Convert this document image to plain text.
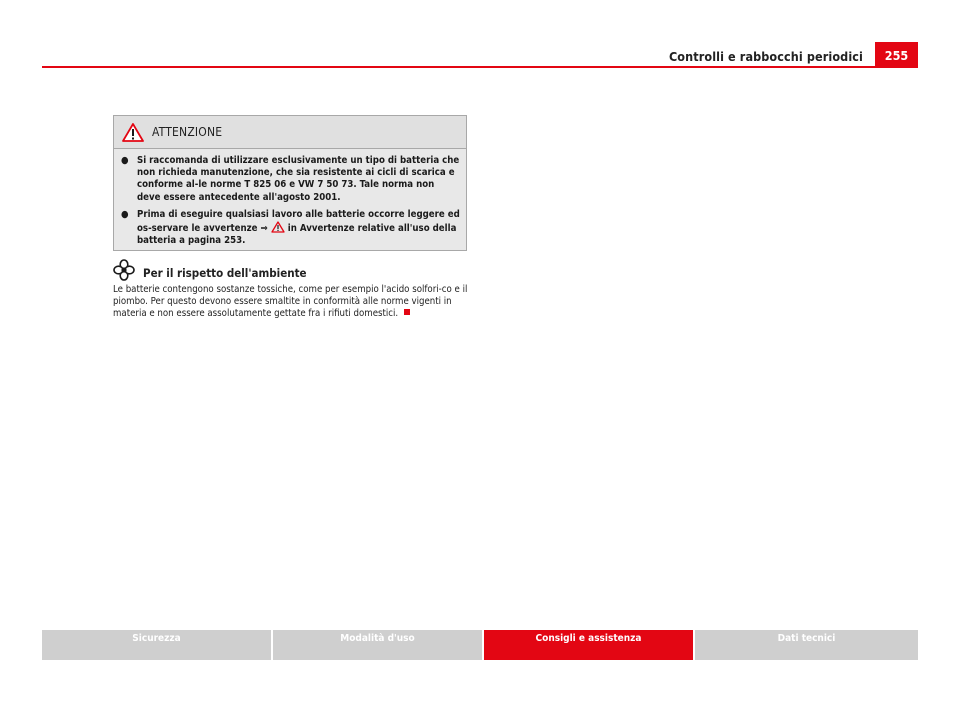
Controlli e rabbocchi periodici	255
ATTENZIONE
● Si raccomanda di utilizzare esclusivamente un tipo di batteria che non richieda manutenzione, che sia resistente ai cicli di scarica e conforme al-le norme T 825 06 e VW 7 50 73. Tale norma non deve essere antecedente all'agosto 2001.
● Prima di eseguire qualsiasi lavoro alle batterie occorre leggere ed os-servare le avvertenze ⇒ in Avvertenze relative all'uso della batteria a pagina 253.
Per il rispetto dell'ambiente
Le batterie contengono sostanze tossiche, come per esempio l'acido solfori-co e il piombo. Per questo devono essere smaltite in conformità alle norme vigenti in materia e non essere assolutamente gettate fra i rifiuti domestici.
Sicurezza	Modalità d'uso	Consigli e assistenza	Dati tecnici
